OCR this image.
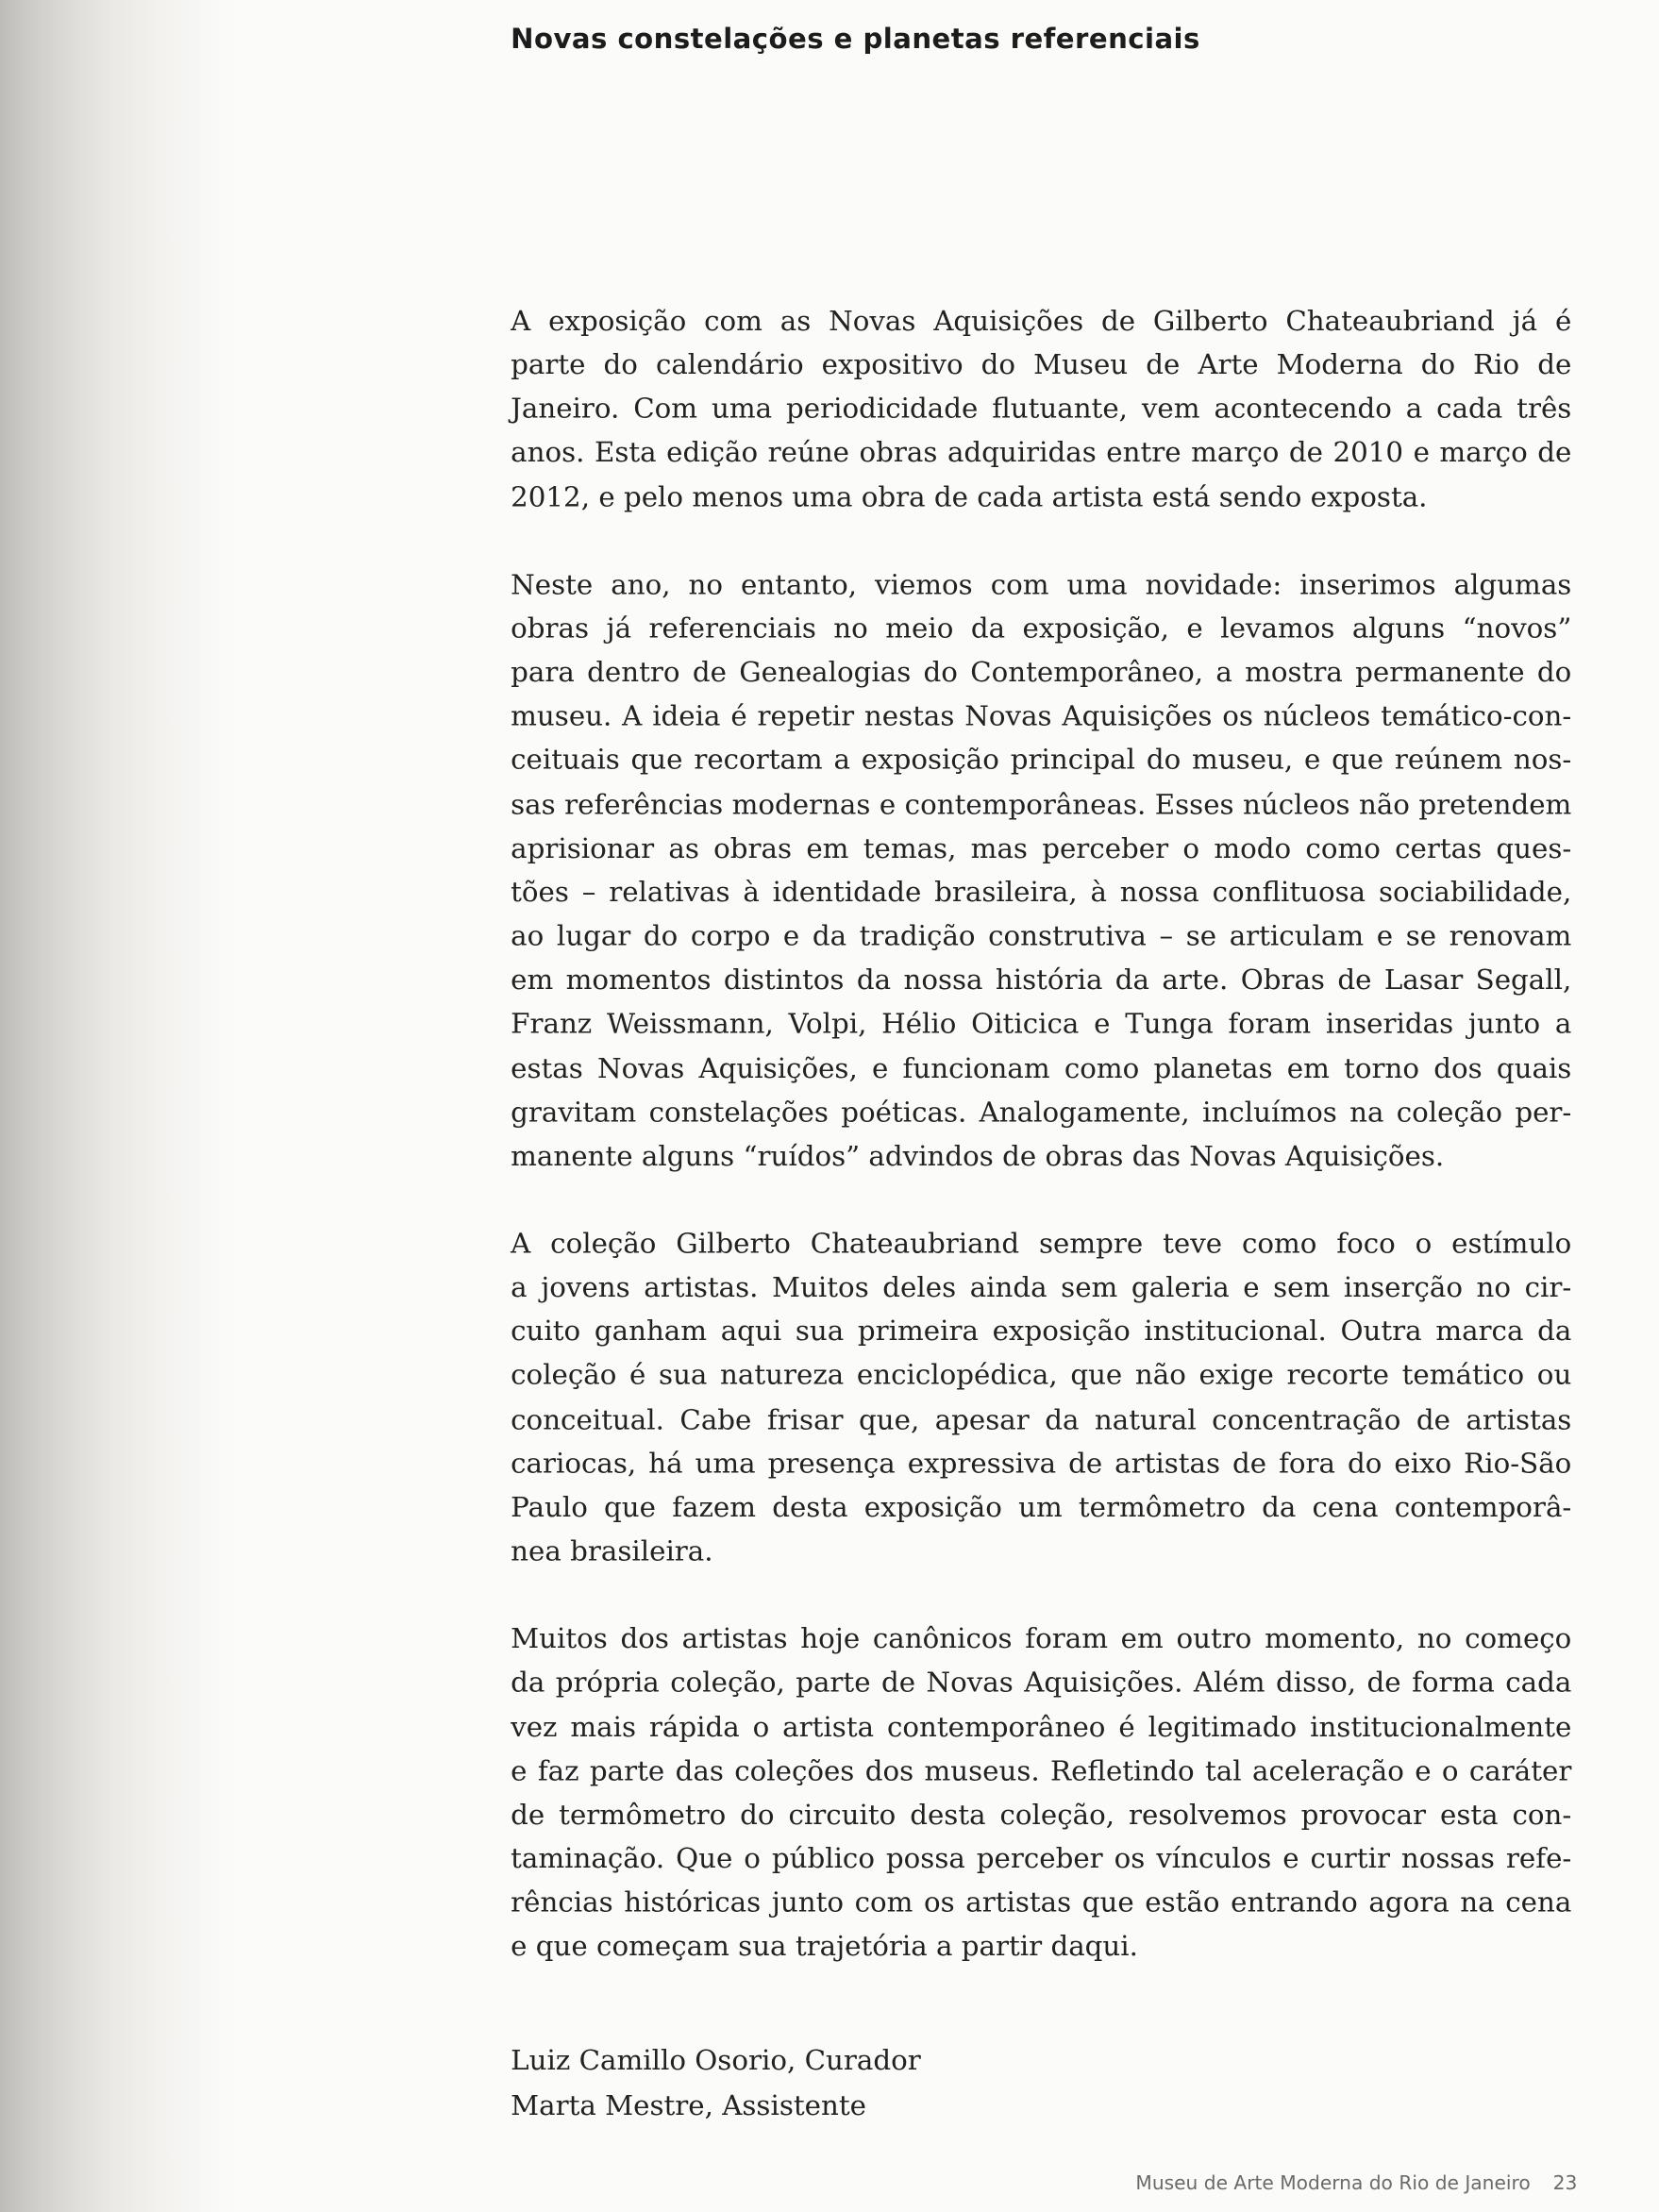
Novas constelações e planetas referenciais

A exposição com as Novas Aquisições de Gilberto Chateaubriand já é
parte do calendário expositivo do Museu de Arte Moderna do Rio de
Janeiro. Com uma periodicidade flutuante, vem acontecendo a cada três
anos. Esta edição reúne obras adquiridas entre março de 2010 e março de
2012, e pelo menos uma obra de cada artista está sendo exposta.

Neste ano, no entanto, viemos com uma novidade: inserimos algumas
obras já referenciais no meio da exposição, e levamos alguns “novos”
para dentro de Genealogias do Contemporâneo, a mostra permanente do
museu. A ideia é repetir nestas Novas Aquisições os núcleos temático-con-
ceituais que recortam a exposição principal do museu, e que reúnem nos-
sas referências modernas e contemporâneas. Esses núcleos não pretendem
aprisionar as obras em temas, mas perceber o modo como certas ques-
tões – relativas à identidade brasileira, à nossa conflituosa sociabilidade,
ao lugar do corpo e da tradição construtiva – se articulam e se renovam
em momentos distintos da nossa história da arte. Obras de Lasar Segall,
Franz Weissmann, Volpi, Hélio Oiticica e Tunga foram inseridas junto a
estas Novas Aquisições, e funcionam como planetas em torno dos quais
gravitam constelações poéticas. Analogamente, incluímos na coleção per-
manente alguns “ruídos” advindos de obras das Novas Aquisições.

A coleção Gilberto Chateaubriand sempre teve como foco o estímulo
a jovens artistas. Muitos deles ainda sem galeria e sem inserção no cir-
cuito ganham aqui sua primeira exposição institucional. Outra marca da
coleção é sua natureza enciclopédica, que não exige recorte temático ou
conceitual. Cabe frisar que, apesar da natural concentração de artistas
cariocas, há uma presença expressiva de artistas de fora do eixo Rio-São
Paulo que fazem desta exposição um termômetro da cena contemporâ-
nea brasileira.

Muitos dos artistas hoje canônicos foram em outro momento, no começo
da própria coleção, parte de Novas Aquisições. Além disso, de forma cada
vez mais rápida o artista contemporâneo é legitimado institucionalmente
e faz parte das coleções dos museus. Refletindo tal aceleração e o caráter
de termômetro do circuito desta coleção, resolvemos provocar esta con-
taminação. Que o público possa perceber os vínculos e curtir nossas refe-
rências históricas junto com os artistas que estão entrando agora na cena
e que começam sua trajetória a partir daqui.

Luiz Camillo Osorio, Curador
Marta Mestre, Assistente
Museu de Arte Moderna do Rio de Janeiro 23
